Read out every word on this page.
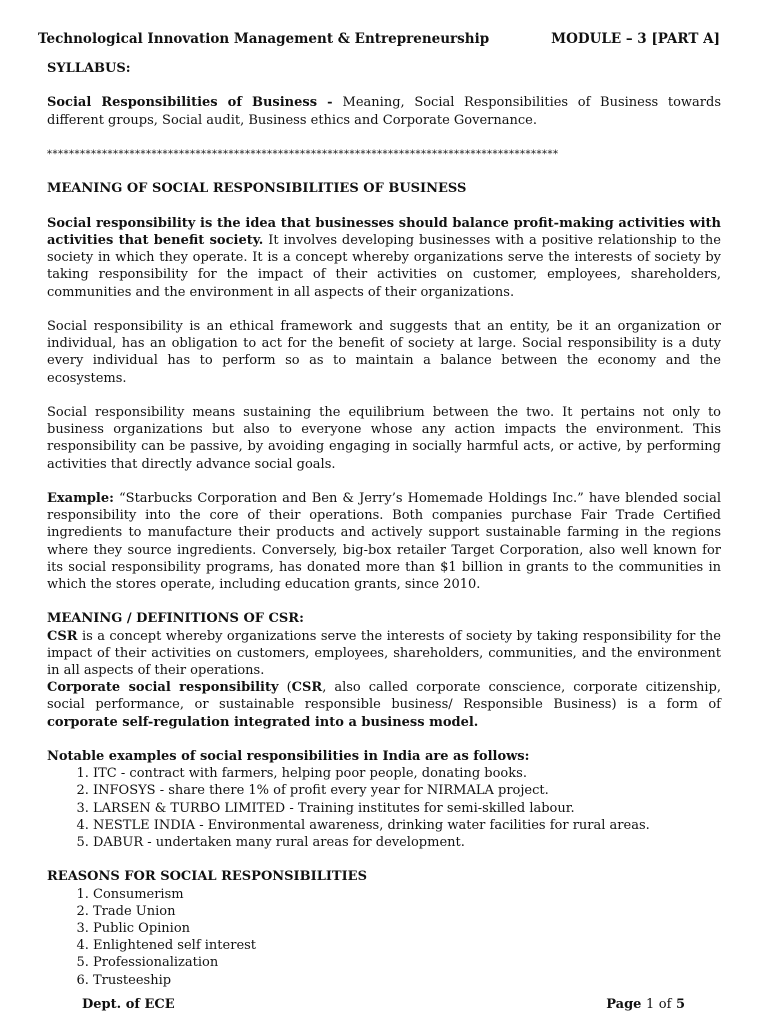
Technological Innovation Management & Entrepreneurship	MODULE – 3 [PART A]

SYLLABUS:

Social Responsibilities of Business - Meaning, Social Responsibilities of Business towards different groups, Social audit, Business ethics and Corporate Governance.

*********************************************************************************************

MEANING OF SOCIAL RESPONSIBILITIES OF BUSINESS

Social responsibility is the idea that businesses should balance profit-making activities with activities that benefit society. It involves developing businesses with a positive relationship to the society in which they operate. It is a concept whereby organizations serve the interests of society by taking responsibility for the impact of their activities on customer, employees, shareholders, communities and the environment in all aspects of their organizations.

Social responsibility is an ethical framework and suggests that an entity, be it an organization or individual, has an obligation to act for the benefit of society at large. Social responsibility is a duty every individual has to perform so as to maintain a balance between the economy and the ecosystems.

Social responsibility means sustaining the equilibrium between the two. It pertains not only to business organizations but also to everyone whose any action impacts the environment. This responsibility can be passive, by avoiding engaging in socially harmful acts, or active, by performing activities that directly advance social goals.

Example: “Starbucks Corporation and Ben & Jerry’s Homemade Holdings Inc.” have blended social responsibility into the core of their operations. Both companies purchase Fair Trade Certified ingredients to manufacture their products and actively support sustainable farming in the regions where they source ingredients. Conversely, big-box retailer Target Corporation, also well known for its social responsibility programs, has donated more than $1 billion in grants to the communities in which the stores operate, including education grants, since 2010.

MEANING / DEFINITIONS OF CSR:

CSR is a concept whereby organizations serve the interests of society by taking responsibility for the impact of their activities on customers, employees, shareholders, communities, and the environment in all aspects of their operations.

Corporate social responsibility (CSR, also called corporate conscience, corporate citizenship, social performance, or sustainable responsible business/ Responsible Business) is a form of corporate self-regulation integrated into a business model.

Notable examples of social responsibilities in India are as follows:

1. ITC - contract with farmers, helping poor people, donating books.
2. INFOSYS - share there 1% of profit every year for NIRMALA project.
3. LARSEN & TURBO LIMITED - Training institutes for semi-skilled labour.
4. NESTLE INDIA - Environmental awareness, drinking water facilities for rural areas.
5. DABUR - undertaken many rural areas for development.

REASONS FOR SOCIAL RESPONSIBILITIES

1. Consumerism
2. Trade Union
3. Public Opinion
4. Enlightened self interest
5. Professionalization
6. Trusteeship
Dept. of ECE	Page 1 of 5
